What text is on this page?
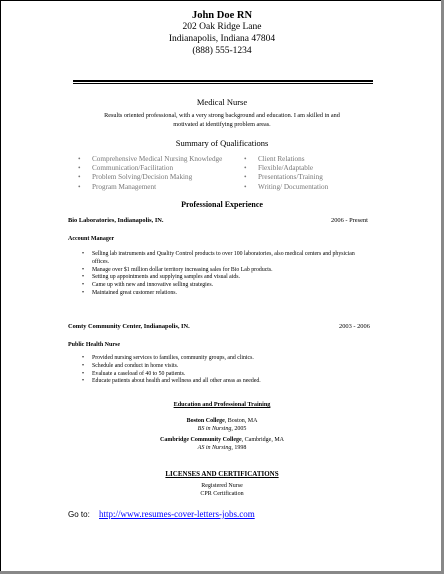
John Doe RN
202 Oak Ridge Lane
Indianapolis, Indiana 47804
(888) 555-1234
Medical Nurse
Results oriented professional, with a very strong background and education. I am skilled in and motivated at identifying problem areas.
Summary of Qualifications
• Comprehensive Medical Nursing Knowledge
• Communication/Facilitation
• Problem Solving/Decision Making
• Program Management
• Client Relations
• Flexible/Adaptable
• Presentations/Training
• Writing/ Documentation
Professional Experience
Bio Laboratories, Indianapolis, IN.	2006 - Present
Account Manager
• Selling lab instruments and Quality Control products to over 100 laboratories, also medical centers and physician offices.
• Manage over $1 million dollar territory increasing sales for Bio Lab products.
• Setting up appointments and supplying samples and visual aids.
• Came up with new and innovative selling strategies.
• Maintained great customer relations.
Comty Community Center, Indianapolis, IN.	2003 - 2006
Public Health Nurse
• Provided nursing services to families, community groups, and clinics.
• Schedule and conduct in home visits.
• Evaluate a caseload of 40 to 50 patients.
• Educate patients about health and wellness and all other areas as needed.
Education and Professional Training
Boston College, Boston, MA
BS in Nursing, 2005
Cambridge Community College, Cambridge, MA
AS in Nursing, 1998
LICENSES AND CERTIFICATIONS
Registered Nurse
CPR Certification
Go to: http://www.resumes-cover-letters-jobs.com
